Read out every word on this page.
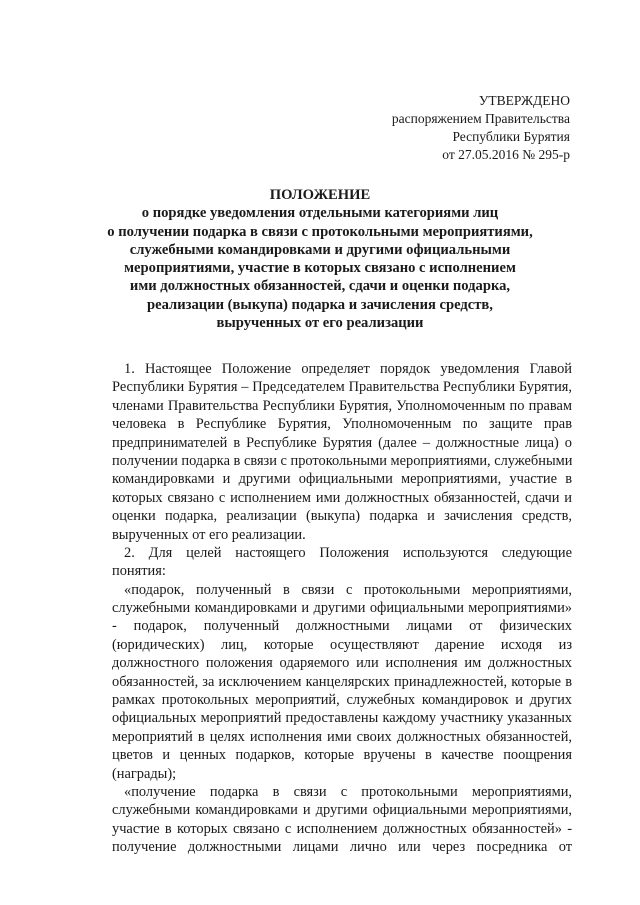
УТВЕРЖДЕНО
распоряжением Правительства
Республики Бурятия
от 27.05.2016 № 295-р
ПОЛОЖЕНИЕ
о порядке уведомления отдельными категориями лиц
о получении подарка в связи с протокольными мероприятиями,
служебными командировками и другими официальными
мероприятиями, участие в которых связано с исполнением
ими должностных обязанностей, сдачи и оценки подарка,
реализации (выкупа) подарка и зачисления средств,
вырученных от его реализации
1. Настоящее Положение определяет порядок уведомления Главой
Республики Бурятия – Председателем Правительства Республики Бурятия,
членами Правительства Республики Бурятия, Уполномоченным по правам
человека в Республике Бурятия, Уполномоченным по защите прав
предпринимателей в Республике Бурятия (далее – должностные лица) о
получении подарка в связи с протокольными мероприятиями, служебными
командировками и другими официальными мероприятиями, участие в
которых связано с исполнением ими должностных обязанностей, сдачи и
оценки подарка, реализации (выкупа) подарка и зачисления средств,
вырученных от его реализации.
2. Для целей настоящего Положения используются следующие
понятия:
«подарок, полученный в связи с протокольными мероприятиями,
служебными командировками и другими официальными мероприятиями»
- подарок, полученный должностными лицами от физических
(юридических) лиц, которые осуществляют дарение исходя из
должностного положения одаряемого или исполнения им должностных
обязанностей, за исключением канцелярских принадлежностей, которые в
рамках протокольных мероприятий, служебных командировок и других
официальных мероприятий предоставлены каждому участнику указанных
мероприятий в целях исполнения ими своих должностных обязанностей,
цветов и ценных подарков, которые вручены в качестве поощрения
(награды);
«получение подарка в связи с протокольными мероприятиями,
служебными командировками и другими официальными мероприятиями,
участие в которых связано с исполнением должностных обязанностей» -
получение должностными лицами лично или через посредника от
